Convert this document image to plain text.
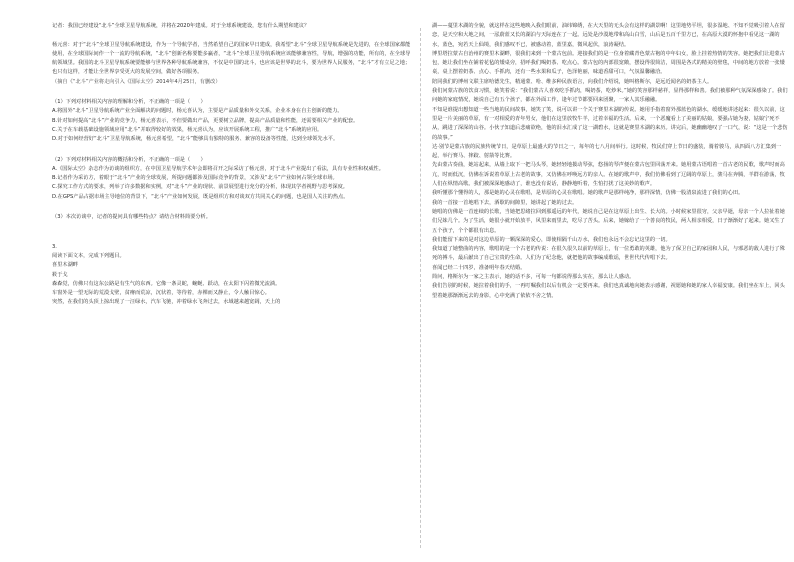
记者：我国已经建设“北斗”全球卫星导航系统，并将在2020年建成。对于全球系统建设，您有什么期望和建议？

杨元喜：对于“北斗”全球卫星导航系统建设，作为一个导航学者，当然希望自己的国家早日建成，我希望“北斗”全球卫星导航系统是先进的，在全球国家都能使用，在全球国际间作一个一流的导航系统，“北斗”创新名称要能多赢者，“北斗”全球卫星导航系统应该能够兼容性，导航，增强的功能，所有的，在全球导航领域里。我国的北斗卫星导航系统要能够与世界各种导航系统兼容，不仅是中国的北斗，也应该是世界的北斗，要为世界人民服务，“北斗”才有立足之地；也只有这样，才能让全世界享受更大的发展空间，做好各项服务。

（摘自《“北斗”产业将走向引入《国际太空》2014年4月25日，有删改）

（1）下列对材料相关内容的理解和分析，不正确的一项是（　　）

A.将国外“北斗”卫星导航系统产业全面解决的问题时，杨元喜认为，主要是产品质量和外交关系，企业本身在自主创新的能力。

B.针对如何提高“北斗”产业的竞争力，杨元喜表示，不但要做出产品，更要树立品牌，提高产品质量和性能，还需要相关产业的配套。

C.关于在车载基础设施领域应用“北斗”并取得较好的效果，杨元喜认为，应该开展系统工程，推广“北斗”系统的应用。

D.对于如何经营好“北斗”卫星导航系统，杨元喜希望，“北斗”能够具有独特的服务、兼容的设备等性能，达到全球领先水平。

（2）下列对材料相关内容的概括和分析，不正确的一项是（　　）

A.《国际太空》杂志作为访谈的组织方，在中国卫星导航学术年会即将召开之际采访了杨元喜，对于北斗产业提出了看法，具有专业性和权威性。

B.记者作为采访方，着眼于“北斗”产业的全球发展，所提问题都涉及国际竞争的背景，又涉及“北斗”产业如何占领全球市场。

C.探究工作方式的要求，列举了许多数据和实例，对“北斗”产业的现状、前景展望进行充分的分析，体现其学者视野与思考深度。

D.在GPS产品占据市场主导地位的背景下，“北斗”产业如何发展，既是组织方和对谈双方共同关心的问题，也是国人关注的热点。

（3）本次访谈中，记者的提问具有哪些特点？请结合材料简要分析。

3.

阅读下面文本，完成下列题目。

喜里木湖畔

筱于戈

森森觉，仿佛只有这东公路是有生气的东西。它像一条灵蛇，蜿蜒、跃动，在太阳下闪着微光流淌。

车窗外是一望无际的荒漠戈壁，贫瘠而荒凉，沉状着，等待着，赤裸而又静止，令人触目惊心。

突然，在我们的头顶上掠出现了一汪绿水，汽车飞驰，冲着绿水飞奔过去，水域越来越宽阔，天上的

湖——蔓里木湖的全貌，就这样在这些地映入我们眼前，油纬锦绣，在大天里的无头会有这样的湖景啊！这里地势平坦，很多湿地、不知不觉吸引着人在留恋，是天空和大地之间，一泓蔚蓝又长的湖泊与天际连在了一起。远处是沙漠地带和高山白雪，山后是五百千里方已，在高原大漠的怀抱中看见这一湖的水，蓝色，宛若天上仙境，我们感叹不已，被感动着，蓝里嘉，微风起伏，浪涛凝结。

博里塔拉蒙古自治州的赛里木湖畔，很我们来到一个蒙古包前。迎接我们的是一位身着藏青色蒙古袍的中年妇女，脸上挂着热情的笑容。她把我们让进蒙古包，她让我们坐在铺着花毡的矮桌旁，招呼我们喝奶茶、吃点心。蒙古包的内部很宽敞，摆设得很简洁，周围是各式的精美的壁毯，中间的地方放着一张矮桌，桌上摆着奶茶、点心、手抓肉，还有一些水果和瓜子，色泽艳丽，味道香甜可口，气氛温馨融洽。

陪同我们的博州文联主席哈德先生，精通蒙、哈、维多种民族语言，向我们介绍说，她叫格斯尔，是远近闻名的奶茶主人。

我们问蒙古族的饮食习惯，她笑着说：“我们蒙古人喜欢吃手抓肉，喝奶茶，吃炒米。”她的笑容那样慈祥，显得那样和善。我们被那种气氛深深感染了。我们问她的家庭情况，她说自己有五个孩子，都在外面工作，逢年过节都要回来团聚，一家人其乐融融。

不知是谁提出想知道一些当地的民间故事，她笑了笑，说可以讲一个关于赛里木湖的传说。她用手指着窗外那蓝色的湖水，缓缓地讲述起来：很久以前，这里是一片美丽的草原，有一对相爱的青年男女，他们在这里放牧牛羊，过着幸福的生活。后来，一个恶魔看上了美丽的姑娘，要强占她为妻，姑娘宁死不从，跳进了深深的山谷。小伙子知道后悲痛欲绝，他的泪水汇成了这一湖碧水，这就是赛里木湖的来历。讲完后，她幽幽地叹了一口气，说：“这是一个悲伤的故事。”

达·别节是蒙古族的民族传统节日，是草原上最盛大的节日之一，每年的七八月间举行。这时候，牧民们穿上节日的盛装，骑着骏马，从四面八方汇集到一起，举行赛马、摔跤、射箭等比赛。

先由蒙古奏曲，她站起来，从墙上取下一把马头琴，她轻轻地拨动琴弦，悠扬的琴声便在蒙古包里回荡开来。她用蒙古语唱着一首古老的民歌，歌声时而高亢，时而低沉，仿佛在诉说着草原上古老的故事，又仿佛在呼唤远方的亲人。在她的歌声中，我们仿佛看到了辽阔的草原上，骏马在奔腾，羊群在游荡，牧人们在纵情高歌。我们被深深地感动了，谁也没有说话，静静地听着，生怕打扰了这美妙的歌声。

我听懂那个懂得的人，那是她的心灵在歌唱，是草原的心灵在歌唱。她的歌声是那样纯净，那样深情，仿佛一股清泉流进了我们的心田。

我的一首接一首地唱下去，酒歇的间隙里，她讲起了她的过去。

她唱的仿佛是一首连续的长歌，当她把思绪拉回到那遥远的年代，她说自己是在这草原上出生、长大的。小时候家里很穷，父亲早逝，母亲一个人拉扯着她们兄妹几个。为了生活，她很小就开始放羊，风里来雨里去，吃尽了苦头。后来，她嫁给了一个善良的牧民，两人相亲相爱，日子渐渐好了起来。她又生了五个孩子，个个都很有出息。

我们能留下来的是对这边草原的一颗深深的爱心，即使相隔千山万水，我们也永远不会忘记这里的一切。

我知道了她整曲的内容，歌唱的是一个古老的传说：在很久很久以前的草原上，有一位勇敢的英雄，他为了保卫自己的家园和人民，与邪恶的敌人进行了殊死的搏斗，最后献出了自己宝贵的生命。人们为了纪念他，就把他的故事编成歌谣，世世代代传唱下去。

喜闻已经二十四岁，准备明年春天结婚。

简问，格斯尔为一家之主表示，她的话不多，可每一句都说得那么实在，那么让人感动。

我们告别的时候，她拉着我们的手，一再叮嘱我们以后有机会一定要再来。我们也真诚地向她表示感谢，祝愿她和她的家人幸福安康。我们坐在车上，回头望着她那渐渐远去的身影，心中充满了依依不舍之情。
